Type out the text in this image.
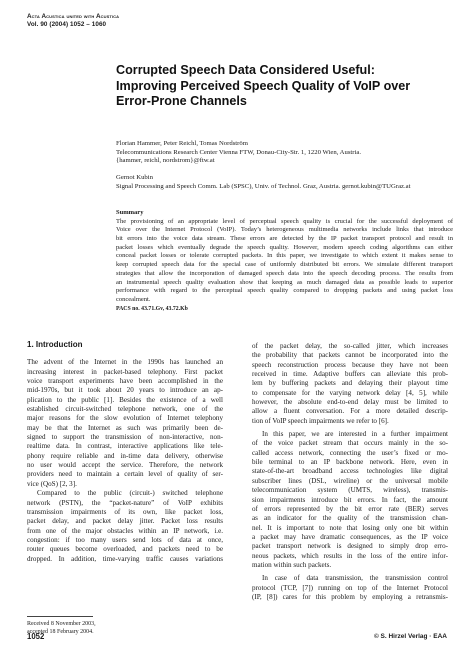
Acta Acustica united with Acustica
Vol. 90 (2004) 1052 – 1060
Corrupted Speech Data Considered Useful:
Improving Perceived Speech Quality of VoIP over
Error-Prone Channels
Florian Hammer, Peter Reichl, Tomas Nordström
Telecommunications Research Center Vienna FTW, Donau-City-Str. 1, 1220 Wien, Austria.
{hammer, reichl, nordstrom}@ftw.at
Gernot Kubin
Signal Processing and Speech Comm. Lab (SPSC), Univ. of Technol. Graz, Austria. gernot.kubin@TUGraz.at
Summary
The provisioning of an appropriate level of perceptual speech quality is crucial for the successful deployment of
Voice over the Internet Protocol (VoIP). Today’s heterogeneous multimedia networks include links that introduce
bit errors into the voice data stream. These errors are detected by the IP packet transport protocol and result in
packet losses which eventually degrade the speech quality. However, modern speech coding algorithms can either
conceal packet losses or tolerate corrupted packets. In this paper, we investigate to which extent it makes sense to
keep corrupted speech data for the special case of uniformly distributed bit errors. We simulate different transport
strategies that allow the incorporation of damaged speech data into the speech decoding process. The results from
an instrumental speech quality evaluation show that keeping as much damaged data as possible leads to superior
performance with regard to the perceptual speech quality compared to dropping packets and using packet loss
concealment.
PACS no. 43.71.Gv, 43.72.Kb
1. Introduction
The advent of the Internet in the 1990s has launched an
increasing interest in packet-based telephony. First packet
voice transport experiments have been accomplished in the
mid-1970s, but it took about 20 years to introduce an ap-
plication to the public [1]. Besides the existence of a well
established circuit-switched telephone network, one of the
major reasons for the slow evolution of Internet telephony
may be that the Internet as such was primarily been de-
signed to support the transmission of non-interactive, non-
realtime data. In contrast, interactive applications like tele-
phony require reliable and in-time data delivery, otherwise
no user would accept the service. Therefore, the network
providers need to maintain a certain level of quality of ser-
vice (QoS) [2, 3].
Compared to the public (circuit-) switched telephone
network (PSTN), the “packet-nature” of VoIP exhibits
transmission impairments of its own, like packet loss,
packet delay, and packet delay jitter. Packet loss results
from one of the major obstacles within an IP network, i.e.
congestion: if too many users send lots of data at once,
router queues become overloaded, and packets need to be
dropped. In addition, time-varying traffic causes variations
of the packet delay, the so-called jitter, which increases
the probability that packets cannot be incorporated into the
speech reconstruction process because they have not been
received in time. Adaptive buffers can alleviate this prob-
lem by buffering packets and delaying their playout time
to compensate for the varying network delay [4, 5], while
however, the absolute end-to-end delay must be limited to
allow a fluent conversation. For a more detailed descrip-
tion of VoIP speech impairments we refer to [6].
In this paper, we are interested in a further impairment
of the voice packet stream that occurs mainly in the so-
called access network, connecting the user’s fixed or mo-
bile terminal to an IP backbone network. Here, even in
state-of-the-art broadband access technologies like digital
subscriber lines (DSL, wireline) or the universal mobile
telecommunication system (UMTS, wireless), transmis-
sion impairments introduce bit errors. In fact, the amount
of errors represented by the bit error rate (BER) serves
as an indicator for the quality of the transmission chan-
nel. It is important to note that losing only one bit within
a packet may have dramatic consequences, as the IP voice
packet transport network is designed to simply drop erro-
neous packets, which results in the loss of the entire infor-
mation within such packets.
In case of data transmission, the transmission control
protocol (TCP, [7]) running on top of the Internet Protocol
(IP, [8]) cares for this problem by employing a retransmis-
Received 8 November 2003,
accepted 18 February 2004.
1052	© S. Hirzel Verlag · EAA
